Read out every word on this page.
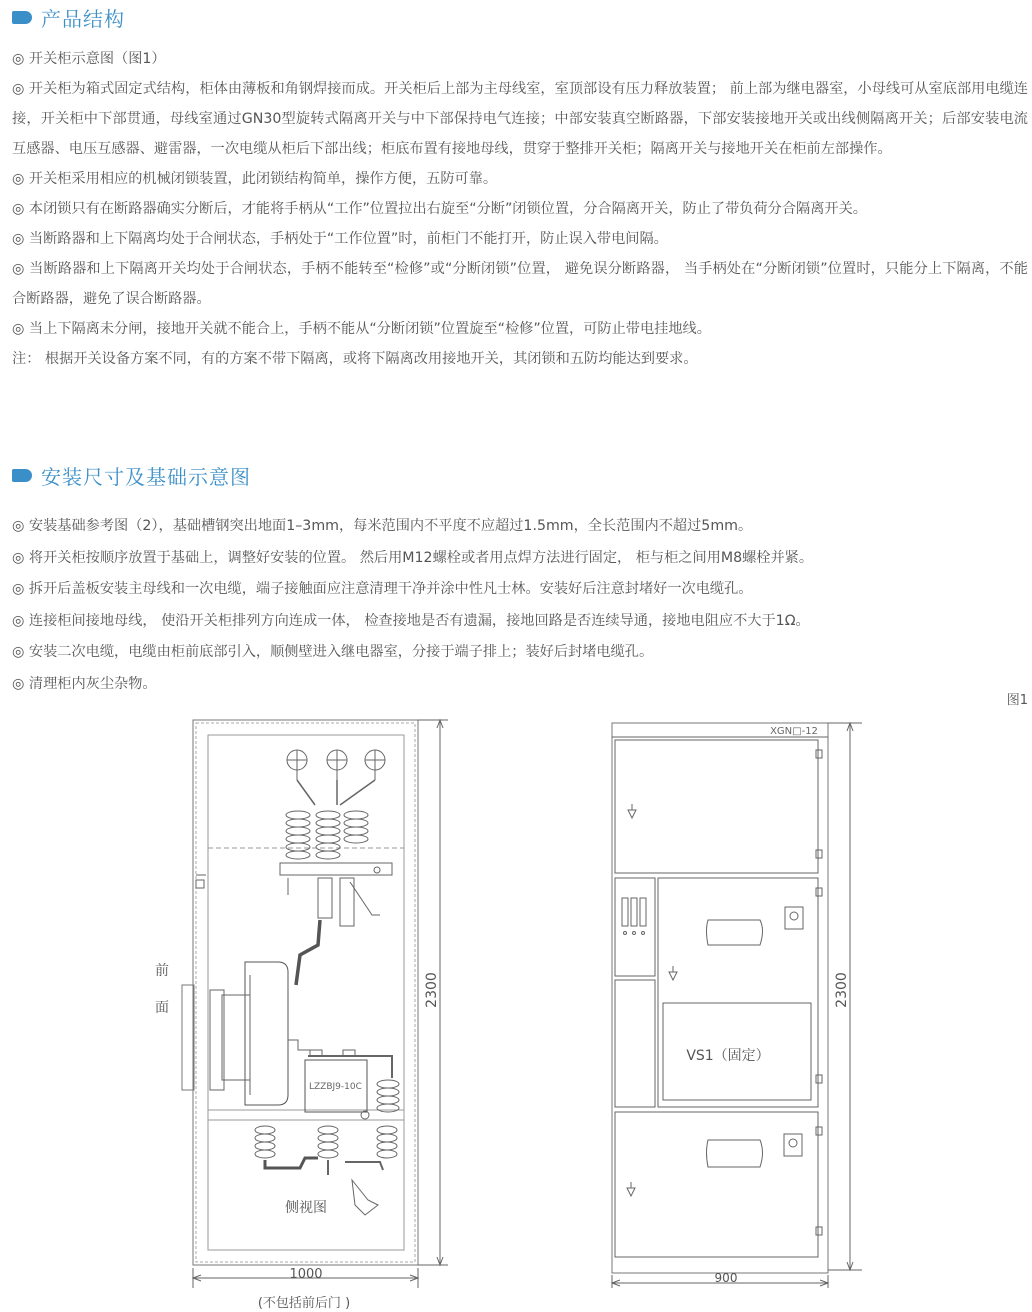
产品结构

◎ 开关柜示意图（图1）

◎ 开关柜为箱式固定式结构，柜体由薄板和角钢焊接而成。开关柜后上部为主母线室，室顶部设有压力释放装置； 前上部为继电器室，小母线可从室底部用电缆连接，开关柜中下部贯通，母线室通过GN30型旋转式隔离开关与中下部保持电气连接；中部安装真空断路器，下部安装接地开关或出线侧隔离开关；后部安装电流互感器、电压互感器、避雷器，一次电缆从柜后下部出线；柜底布置有接地母线，贯穿于整排开关柜；隔离开关与接地开关在柜前左部操作。

◎ 开关柜采用相应的机械闭锁装置，此闭锁结构简单，操作方便，五防可靠。

◎ 本闭锁只有在断路器确实分断后，才能将手柄从“工作”位置拉出右旋至“分断”闭锁位置，分合隔离开关，防止了带负荷分合隔离开关。

◎ 当断路器和上下隔离均处于合闸状态，手柄处于“工作位置”时，前柜门不能打开，防止误入带电间隔。

◎ 当断路器和上下隔离开关均处于合闸状态，手柄不能转至“检修”或“分断闭锁”位置， 避免误分断路器， 当手柄处在“分断闭锁”位置时，只能分上下隔离，不能合断路器，避免了误合断路器。

◎ 当上下隔离未分闸，接地开关就不能合上，手柄不能从“分断闭锁”位置旋至“检修”位置，可防止带电挂地线。

注： 根据开关设备方案不同，有的方案不带下隔离，或将下隔离改用接地开关，其闭锁和五防均能达到要求。

安装尺寸及基础示意图

◎ 安装基础参考图（2），基础槽钢突出地面1–3mm，每米范围内不平度不应超过1.5mm，全长范围内不超过5mm。

◎ 将开关柜按顺序放置于基础上，调整好安装的位置。 然后用M12螺栓或者用点焊方法进行固定， 柜与柜之间用M8螺栓并紧。

◎ 拆开后盖板安装主母线和一次电缆，端子接触面应注意清理干净并涂中性凡士林。安装好后注意封堵好一次电缆孔。

◎ 连接柜间接地母线， 使沿开关柜排列方向连成一体， 检查接地是否有遗漏，接地回路是否连续导通，接地电阻应不大于1Ω。

◎ 安装二次电缆，电缆由柜前底部引入，顺侧壁进入继电器室，分接于端子排上；装好后封堵电缆孔。

◎ 清理柜内灰尘杂物。

图1
LZZBJ9-10C
侧视图
前
面
2300
1000
(不包括前后门 )
XGN□-12
VS1（固定）
2300
900
